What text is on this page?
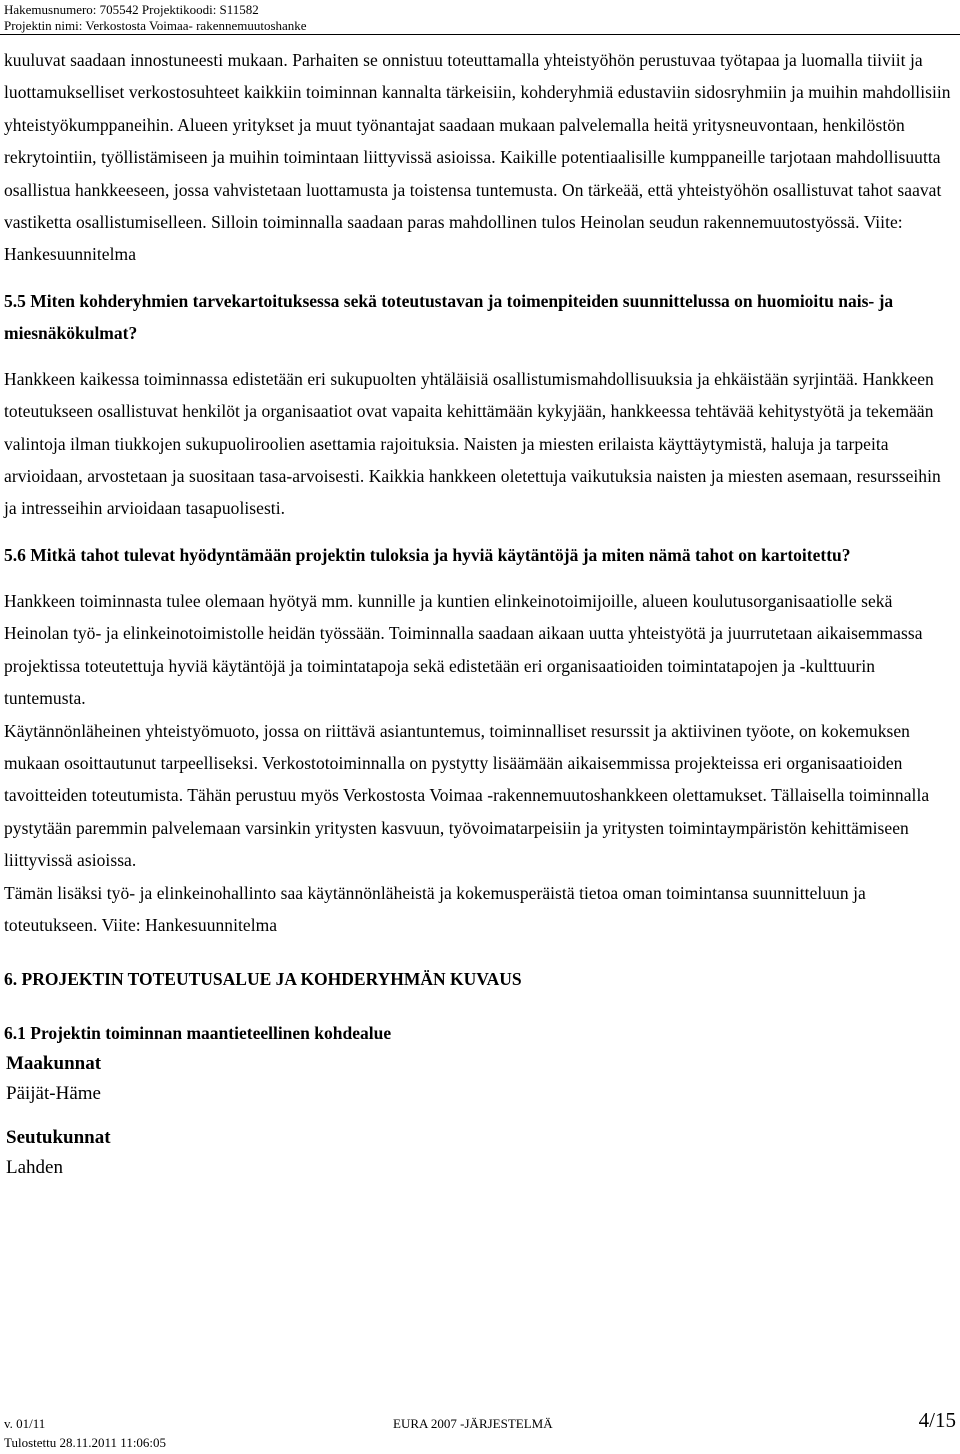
Hakemusnumero: 705542 Projektikoodi: S11582
Projektin nimi: Verkostosta Voimaa- rakennemuutoshanke

kuuluvat saadaan innostuneesti mukaan. Parhaiten se onnistuu toteuttamalla yhteistyöhön perustuvaa työtapaa ja luomalla tiiviit ja luottamukselliset verkostosuhteet kaikkiin toiminnan kannalta tärkeisiin, kohderyhmiä edustaviin sidosryhmiin ja muihin mahdollisiin yhteistyökumppaneihin. Alueen yritykset ja muut työnantajat saadaan mukaan palvelemalla heitä yritysneuvontaan, henkilöstön rekrytointiin, työllistämiseen ja muihin toimintaan liittyvissä asioissa. Kaikille potentiaalisille kumppaneille tarjotaan mahdollisuutta osallistua hankkeeseen, jossa vahvistetaan luottamusta ja toistensa tuntemusta. On tärkeää, että yhteistyöhön osallistuvat tahot saavat vastiketta osallistumiselleen. Silloin toiminnalla saadaan paras mahdollinen tulos Heinolan seudun rakennemuutostyössä. Viite: Hankesuunnitelma

5.5 Miten kohderyhmien tarvekartoituksessa sekä toteutustavan ja toimenpiteiden suunnittelussa on huomioitu nais- ja miesnäkökulmat?

Hankkeen kaikessa toiminnassa edistetään eri sukupuolten yhtäläisiä osallistumismahdollisuuksia ja ehkäistään syrjintää. Hankkeen toteutukseen osallistuvat henkilöt ja organisaatiot ovat vapaita kehittämään kykyjään, hankkeessa tehtävää kehitystyötä ja tekemään valintoja ilman tiukkojen sukupuoliroolien asettamia rajoituksia. Naisten ja miesten erilaista käyttäytymistä, haluja ja tarpeita arvioidaan, arvostetaan ja suositaan tasa-arvoisesti. Kaikkia hankkeen oletettuja vaikutuksia naisten ja miesten asemaan, resursseihin ja intresseihin arvioidaan tasapuolisesti.

5.6 Mitkä tahot tulevat hyödyntämään projektin tuloksia ja hyviä käytäntöjä ja miten nämä tahot on kartoitettu?

Hankkeen toiminnasta tulee olemaan hyötyä mm. kunnille ja kuntien elinkeinotoimijoille, alueen koulutusorganisaatiolle sekä Heinolan työ- ja elinkeinotoimistolle heidän työssään. Toiminnalla saadaan aikaan uutta yhteistyötä ja juurrutetaan aikaisemmassa projektissa toteutettuja hyviä käytäntöjä ja toimintatapoja sekä edistetään eri organisaatioiden toimintatapojen ja -kulttuurin tuntemusta.

Käytännönläheinen yhteistyömuoto, jossa on riittävä asiantuntemus, toiminnalliset resurssit ja aktiivinen työote, on kokemuksen mukaan osoittautunut tarpeelliseksi. Verkostotoiminnalla on pystytty lisäämään aikaisemmissa projekteissa eri organisaatioiden tavoitteiden toteutumista. Tähän perustuu myös Verkostosta Voimaa -rakennemuutoshankkeen olettamukset. Tällaisella toiminnalla pystytään paremmin palvelemaan varsinkin yritysten kasvuun, työvoimatarpeisiin ja yritysten toimintaympäristön kehittämiseen liittyvissä asioissa.

Tämän lisäksi työ- ja elinkeinohallinto saa käytännönläheistä ja kokemusperäistä tietoa oman toimintansa suunnitteluun ja toteutukseen. Viite: Hankesuunnitelma

6. PROJEKTIN TOTEUTUSALUE JA KOHDERYHMÄN KUVAUS

6.1 Projektin toiminnan maantieteellinen kohdealue

Maakunnat

Päijät-Häme

Seutukunnat

Lahden

v. 01/11	EURA 2007 -JÄRJESTELMÄ	4/15
Tulostettu 28.11.2011 11:06:05
